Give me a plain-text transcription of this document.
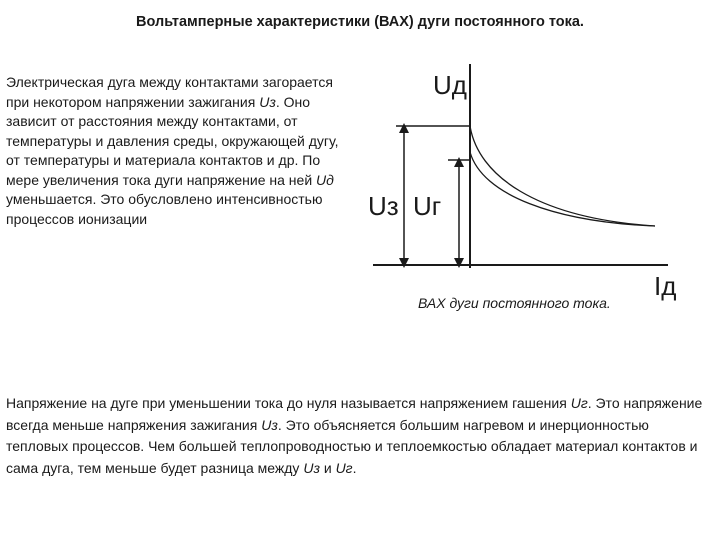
Вольтамперные характеристики (ВАХ) дуги постоянного тока.
Электрическая дуга между контактами загорается при некотором напряжении зажигания Uз. Оно зависит от расстояния между контактами, от температуры и давления среды, окружающей дугу, от температуры и материала контактов и др. По мере увеличения тока дуги напряжение на ней Uд уменьшается. Это обусловлено интенсивностью процессов ионизации
Uд
Iд
Uз Uг
ВАХ дуги постоянного тока.
Напряжение на дуге при уменьшении тока до нуля называется напряжением гашения Uг. Это напряжение всегда меньше напряжения зажигания Uз. Это объясняется большим нагревом и инерционностью тепловых процессов. Чем большей теплопроводностью и теплоемкостью обладает материал контактов и сама дуга, тем меньше будет разница между Uз и Uг.
